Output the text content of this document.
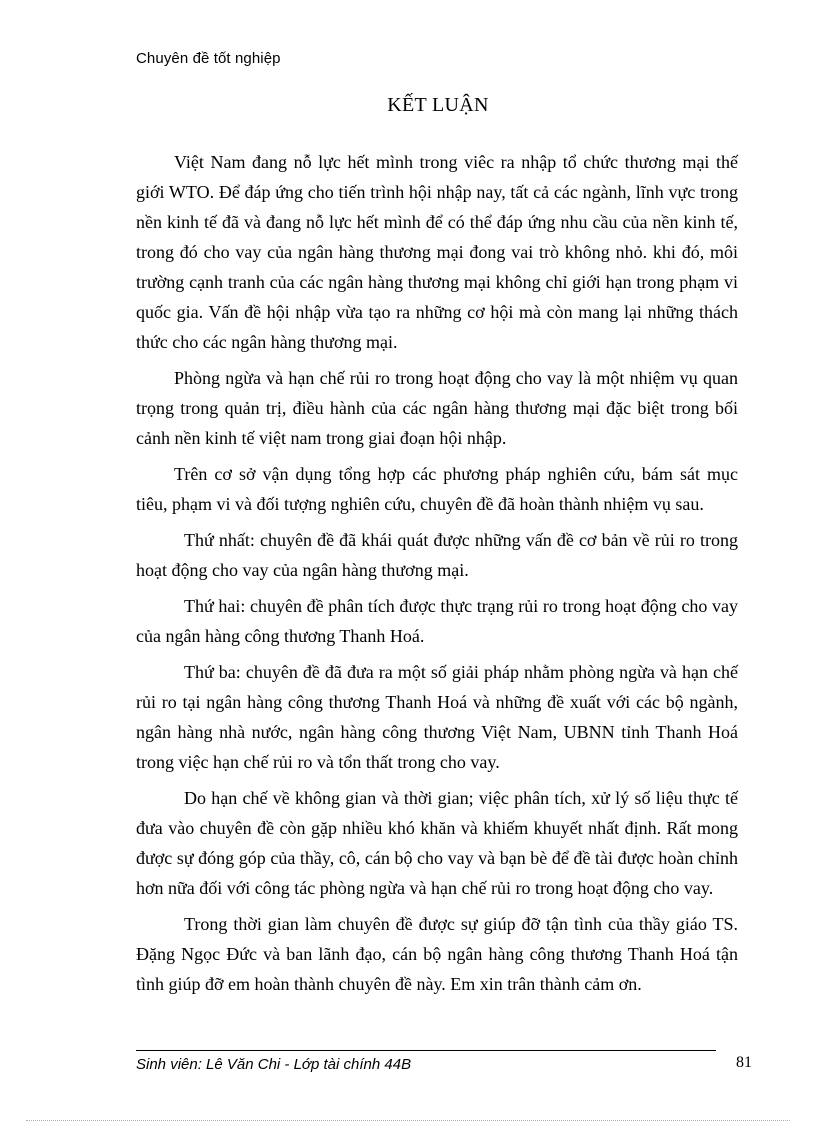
Chuyên đề tốt nghiệp
KẾT LUẬN

Việt Nam đang nỗ lực hết mình trong viêc ra nhập tổ chức thương mại thế giới WTO. Để đáp ứng cho tiến trình hội nhập nay, tất cả các ngành, lĩnh vực trong nền kinh tế đã và đang nỗ lực hết mình để có thể đáp ứng nhu cầu của nền kinh tế, trong đó cho vay của ngân hàng thương mại đong vai trò không nhỏ. khi đó, môi trường cạnh tranh của các ngân hàng thương mại không chỉ giới hạn trong phạm vi quốc gia. Vấn đề hội nhập vừa tạo ra những cơ hội mà còn mang lại những thách thức cho các ngân hàng thương mại.

Phòng ngừa và hạn chế rủi ro trong hoạt động cho vay là một nhiệm vụ quan trọng trong quản trị, điều hành của các ngân hàng thương mại đặc biệt trong bối cảnh nền kinh tế việt nam trong giai đoạn hội nhập.

Trên cơ sở vận dụng tổng hợp các phương pháp nghiên cứu, bám sát mục tiêu, phạm vi và đối tượng nghiên cứu, chuyên đề đã hoàn thành nhiệm vụ sau.

Thứ nhất: chuyên đề đã khái quát được những vấn đề cơ bản về rủi ro trong hoạt động cho vay của ngân hàng thương mại.

Thứ hai: chuyên đề phân tích được thực trạng rủi ro trong hoạt động cho vay của ngân hàng công thương Thanh Hoá.

Thứ ba: chuyên đề đã đưa ra một số giải pháp nhằm phòng ngừa và hạn chế rủi ro tại ngân hàng công thương Thanh Hoá và những đề xuất với các bộ ngành, ngân hàng nhà nước, ngân hàng công thương Việt Nam, UBNN tỉnh Thanh Hoá trong việc hạn chế rủi ro và tổn thất trong cho vay.

Do hạn chế về không gian và thời gian; việc phân tích, xử lý số liệu thực tế đưa vào chuyên đề còn gặp nhiều khó khăn và khiếm khuyết nhất định. Rất mong được sự đóng góp của thầy, cô, cán bộ cho vay và bạn bè để đề tài được hoàn chỉnh hơn nữa đối với công tác phòng ngừa và hạn chế rủi ro trong hoạt động cho vay.

Trong thời gian làm chuyên đề được sự giúp đỡ tận tình của thầy giáo TS. Đặng Ngọc Đức và ban lãnh đạo, cán bộ ngân hàng công thương Thanh Hoá tận tình giúp đỡ em hoàn thành chuyên đề này. Em xin trân thành cảm ơn.

Sinh viên: Lê Văn Chi - Lớp tài chính 44B	81
